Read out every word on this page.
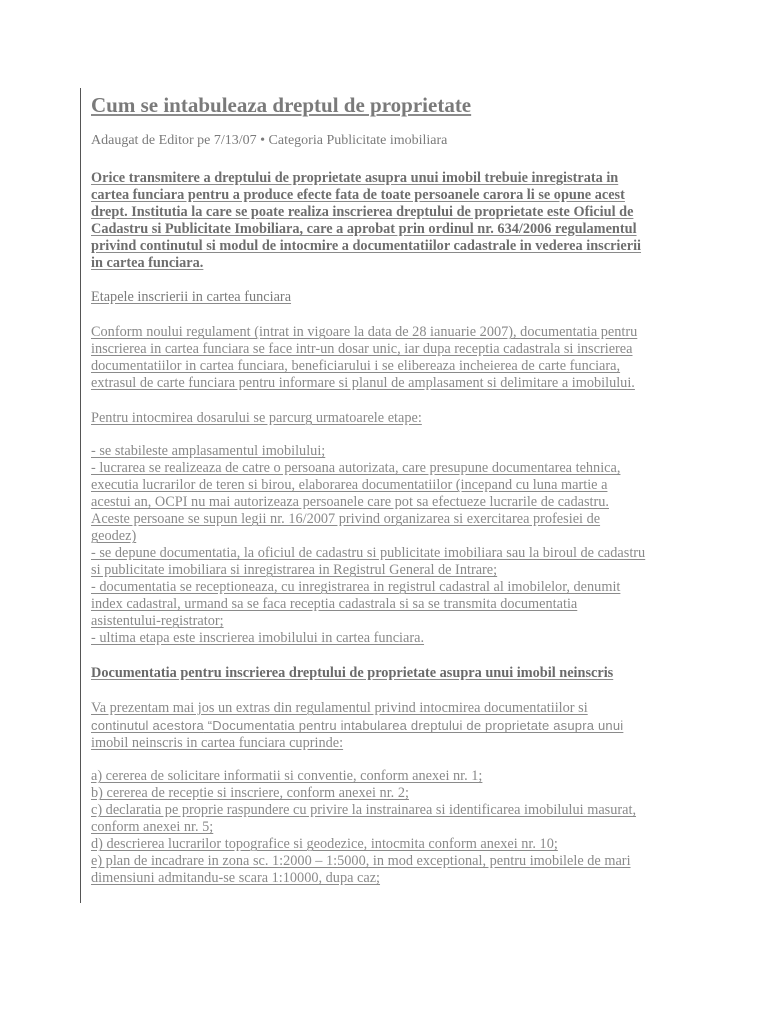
Cum se intabuleaza dreptul de proprietate
Adaugat de Editor pe 7/13/07 • Categoria Publicitate imobiliara
Orice transmitere a dreptului de proprietate asupra unui imobil trebuie inregistrata in
cartea funciara pentru a produce efecte fata de toate persoanele carora li se opune acest
drept. Institutia la care se poate realiza inscrierea dreptului de proprietate este Oficiul de
Cadastru si Publicitate Imobiliara, care a aprobat prin ordinul nr. 634/2006 regulamentul
privind continutul si modul de intocmire a documentatiilor cadastrale in vederea inscrierii
in cartea funciara.
Etapele inscrierii in cartea funciara
Conform noului regulament (intrat in vigoare la data de 28 ianuarie 2007), documentatia pentru
inscrierea in cartea funciara se face intr-un dosar unic, iar dupa receptia cadastrala si inscrierea
documentatiilor in cartea funciara, beneficiarului i se elibereaza incheierea de carte funciara,
extrasul de carte funciara pentru informare si planul de amplasament si delimitare a imobilului.
Pentru intocmirea dosarului se parcurg urmatoarele etape:
- se stabileste amplasamentul imobilului;
- lucrarea se realizeaza de catre o persoana autorizata, care presupune documentarea tehnica,
executia lucrarilor de teren si birou, elaborarea documentatiilor (incepand cu luna martie a
acestui an, OCPI nu mai autorizeaza persoanele care pot sa efectueze lucrarile de cadastru.
Aceste persoane se supun legii nr. 16/2007 privind organizarea si exercitarea profesiei de
geodez)
- se depune documentatia, la oficiul de cadastru si publicitate imobiliara sau la biroul de cadastru
si publicitate imobiliara si inregistrarea in Registrul General de Intrare;
- documentatia se receptioneaza, cu inregistrarea in registrul cadastral al imobilelor, denumit
index cadastral, urmand sa se faca receptia cadastrala si sa se transmita documentatia
asistentului-registrator;
- ultima etapa este inscrierea imobilului in cartea funciara.
Documentatia pentru inscrierea dreptului de proprietate asupra unui imobil neinscris
Va prezentam mai jos un extras din regulamentul privind intocmirea documentatiilor si
continutul acestora “Documentatia pentru intabularea dreptului de proprietate asupra unui
imobil neinscris in cartea funciara cuprinde:
a) cererea de solicitare informatii si conventie, conform anexei nr. 1;
b) cererea de receptie si inscriere, conform anexei nr. 2;
c) declaratia pe proprie raspundere cu privire la instrainarea si identificarea imobilului masurat,
conform anexei nr. 5;
d) descrierea lucrarilor topografice si geodezice, intocmita conform anexei nr. 10;
e) plan de incadrare in zona sc. 1:2000 – 1:5000, in mod exceptional, pentru imobilele de mari
dimensiuni admitandu-se scara 1:10000, dupa caz;
